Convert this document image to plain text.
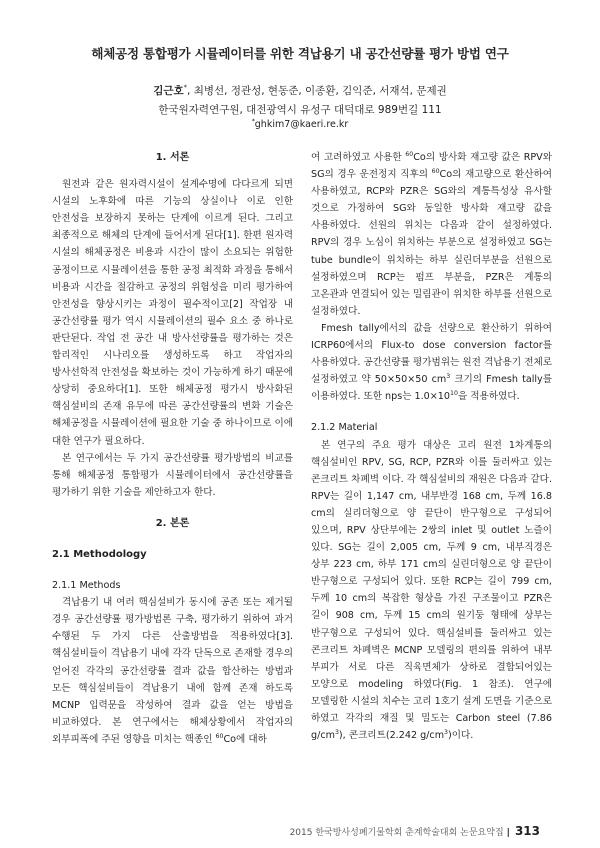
해체공정 통합평가 시뮬레이터를 위한 격납용기 내 공간선량률 평가 방법 연구
김근호*, 최병선, 정관성, 현동준, 이종환, 김익준, 서재석, 문제권
한국원자력연구원, 대전광역시 유성구 대덕대로 989번길 111
*ghkim7@kaeri.re.kr
1. 서론

원전과 같은 원자력시설이 설계수명에 다다르게 되면 시설의 노후화에 따른 기능의 상실이나 이로 인한 안전성을 보장하지 못하는 단계에 이르게 된다. 그리고 최종적으로 해체의 단계에 들어서게 된다[1]. 한편 원자력 시설의 해체공정은 비용과 시간이 많이 소요되는 위험한 공정이므로 시뮬레이션을 통한 공정 최적화 과정을 통해서 비용과 시간을 절감하고 공정의 위험성을 미리 평가하여 안전성을 향상시키는 과정이 필수적이고[2] 작업장 내 공간선량률 평가 역시 시뮬레이션의 필수 요소 중 하나로 판단된다. 작업 전 공간 내 방사선량률을 평가하는 것은 합리적인 시나리오를 생성하도록 하고 작업자의 방사선학적 안전성을 확보하는 것이 가능하게 하기 때문에 상당히 중요하다[1]. 또한 해체공정 평가시 방사화된 핵심설비의 존재 유무에 따른 공간선량률의 변화 기술은 해체공정을 시뮬레이션에 필요한 기술 중 하나이므로 이에 대한 연구가 필요하다.

본 연구에서는 두 가지 공간선량률 평가방법의 비교를 통해 해체공정 통합평가 시뮬레이터에서 공간선량률을 평가하기 위한 기술을 제안하고자 한다.

2. 본론
2.1 Methodology
2.1.1 Methods

격납용기 내 여러 핵심설비가 동시에 공존 또는 제거될 경우 공간선량률 평가방법론 구축, 평가하기 위하여 과거 수행된 두 가지 다른 산출방법을 적용하였다[3]. 핵심설비들이 격납용기 내에 각각 단독으로 존재할 경우의 얻어진 각각의 공간선량률 결과 값을 합산하는 방법과 모든 핵심설비들이 격납용기 내에 함께 존재 하도록 MCNP 입력문을 작성하여 결과 값을 얻는 방법을 비교하였다. 본 연구에서는 해체상황에서 작업자의 외부피폭에 주된 영향을 미치는 핵종인 $^{60}$Co에 대하

여 고려하였고 사용한 $^{60}$Co의 방사화 재고량 값은 RPV와 SG의 경우 운전정지 직후의 $^{60}$Co의 재고량으로 환산하여 사용하였고, RCP와 PZR은 SG와의 계통특성상 유사할 것으로 가정하여 SG와 동일한 방사화 재고량 값을 사용하였다. 선원의 위치는 다음과 같이 설정하였다. RPV의 경우 노심이 위치하는 부분으로 설정하였고 SG는 tube bundle이 위치하는 하부 실린더부분을 선원으로 설정하였으며 RCP는 펌프 부분을, PZR은 계통의 고온관과 연결되어 있는 밀림관이 위치한 하부를 선원으로 설정하였다.

Fmesh tally에서의 값을 선량으로 환산하기 위하여 ICRP60에서의 Flux-to dose conversion factor를 사용하였다. 공간선량률 평가범위는 원전 격납용기 전체로 설정하였고 약 50×50×50 $cm^3$ 크기의 Fmesh tally를 이용하였다. 또한 nps는 $1.0\times 10^{10}$을 적용하였다.

2.1.2 Material

본 연구의 주요 평가 대상은 고리 원전 1차계통의 핵심설비인 RPV, SG, RCP, PZR와 이를 둘러싸고 있는 콘크리트 차폐벽 이다. 각 핵심설비의 재원은 다음과 같다. RPV는 길이 1,147 cm, 내부반경 168 cm, 두께 16.8 cm의 실리더형으로 양 끝단이 반구형으로 구성되어 있으며, RPV 상단부에는 2쌍의 inlet 및 outlet 노즐이 있다. SG는 길이 2,005 cm, 두께 9 cm, 내부직경은 상부 223 cm, 하부 171 cm의 실린더형으로 양 끝단이 반구형으로 구성되어 있다. 또한 RCP는 길이 799 cm, 두께 10 cm의 복잡한 형상을 가진 구조물이고 PZR은 길이 908 cm, 두께 15 cm의 원기둥 형태에 상부는 반구형으로 구성되어 있다. 핵심설비를 둘러싸고 있는 콘크리트 차폐벽은 MCNP 모델링의 편의를 위하여 내부 부피가 서로 다른 직육면체가 상하로 결합되어있는 모양으로 modeling 하였다(Fig. 1 참조). 연구에 모델링한 시설의 치수는 고리 1호기 설계 도면을 기준으로 하였고 각각의 재질 및 밀도는 Carbon steel (7.86 $g/cm^3$), 콘크리트(2.242 $g/cm^3$)이다.

2015 한국방사성폐기물학회 춘계학술대회 논문요약집 | 313
